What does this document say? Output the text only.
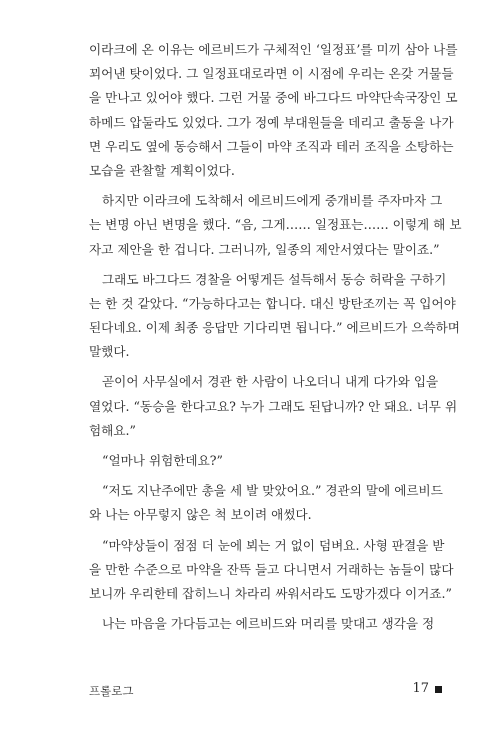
이라크에 온 이유는 에르비드가 구체적인 ‘일정표’를 미끼 삼아 나를
꾀어낸 탓이었다. 그 일정표대로라면 이 시점에 우리는 온갖 거물들
을 만나고 있어야 했다. 그런 거물 중에 바그다드 마약단속국장인 모
하메드 압둘라도 있었다. 그가 정예 부대원들을 데리고 출동을 나가
면 우리도 옆에 동승해서 그들이 마약 조직과 테러 조직을 소탕하는
모습을 관찰할 계획이었다.
하지만 이라크에 도착해서 에르비드에게 중개비를 주자마자 그
는 변명 아닌 변명을 했다. “음, 그게…… 일정표는…… 이렇게 해 보
자고 제안을 한 겁니다. 그러니까, 일종의 제안서였다는 말이죠.”
그래도 바그다드 경찰을 어떻게든 설득해서 동승 허락을 구하기
는 한 것 같았다. “가능하다고는 합니다. 대신 방탄조끼는 꼭 입어야
된다네요. 이제 최종 응답만 기다리면 됩니다.” 에르비드가 으쓱하며
말했다.
곧이어 사무실에서 경관 한 사람이 나오더니 내게 다가와 입을
열었다. “동승을 한다고요? 누가 그래도 된답니까? 안 돼요. 너무 위
험해요.”
“얼마나 위험한데요?”
“저도 지난주에만 총을 세 발 맞았어요.” 경관의 말에 에르비드
와 나는 아무렇지 않은 척 보이려 애썼다.
“마약상들이 점점 더 눈에 뵈는 거 없이 덤벼요. 사형 판결을 받
을 만한 수준으로 마약을 잔뜩 들고 다니면서 거래하는 놈들이 많다
보니까 우리한테 잡히느니 차라리 싸워서라도 도망가겠다 이거죠.”
나는 마음을 가다듬고는 에르비드와 머리를 맞대고 생각을 정
프롤로그	17
